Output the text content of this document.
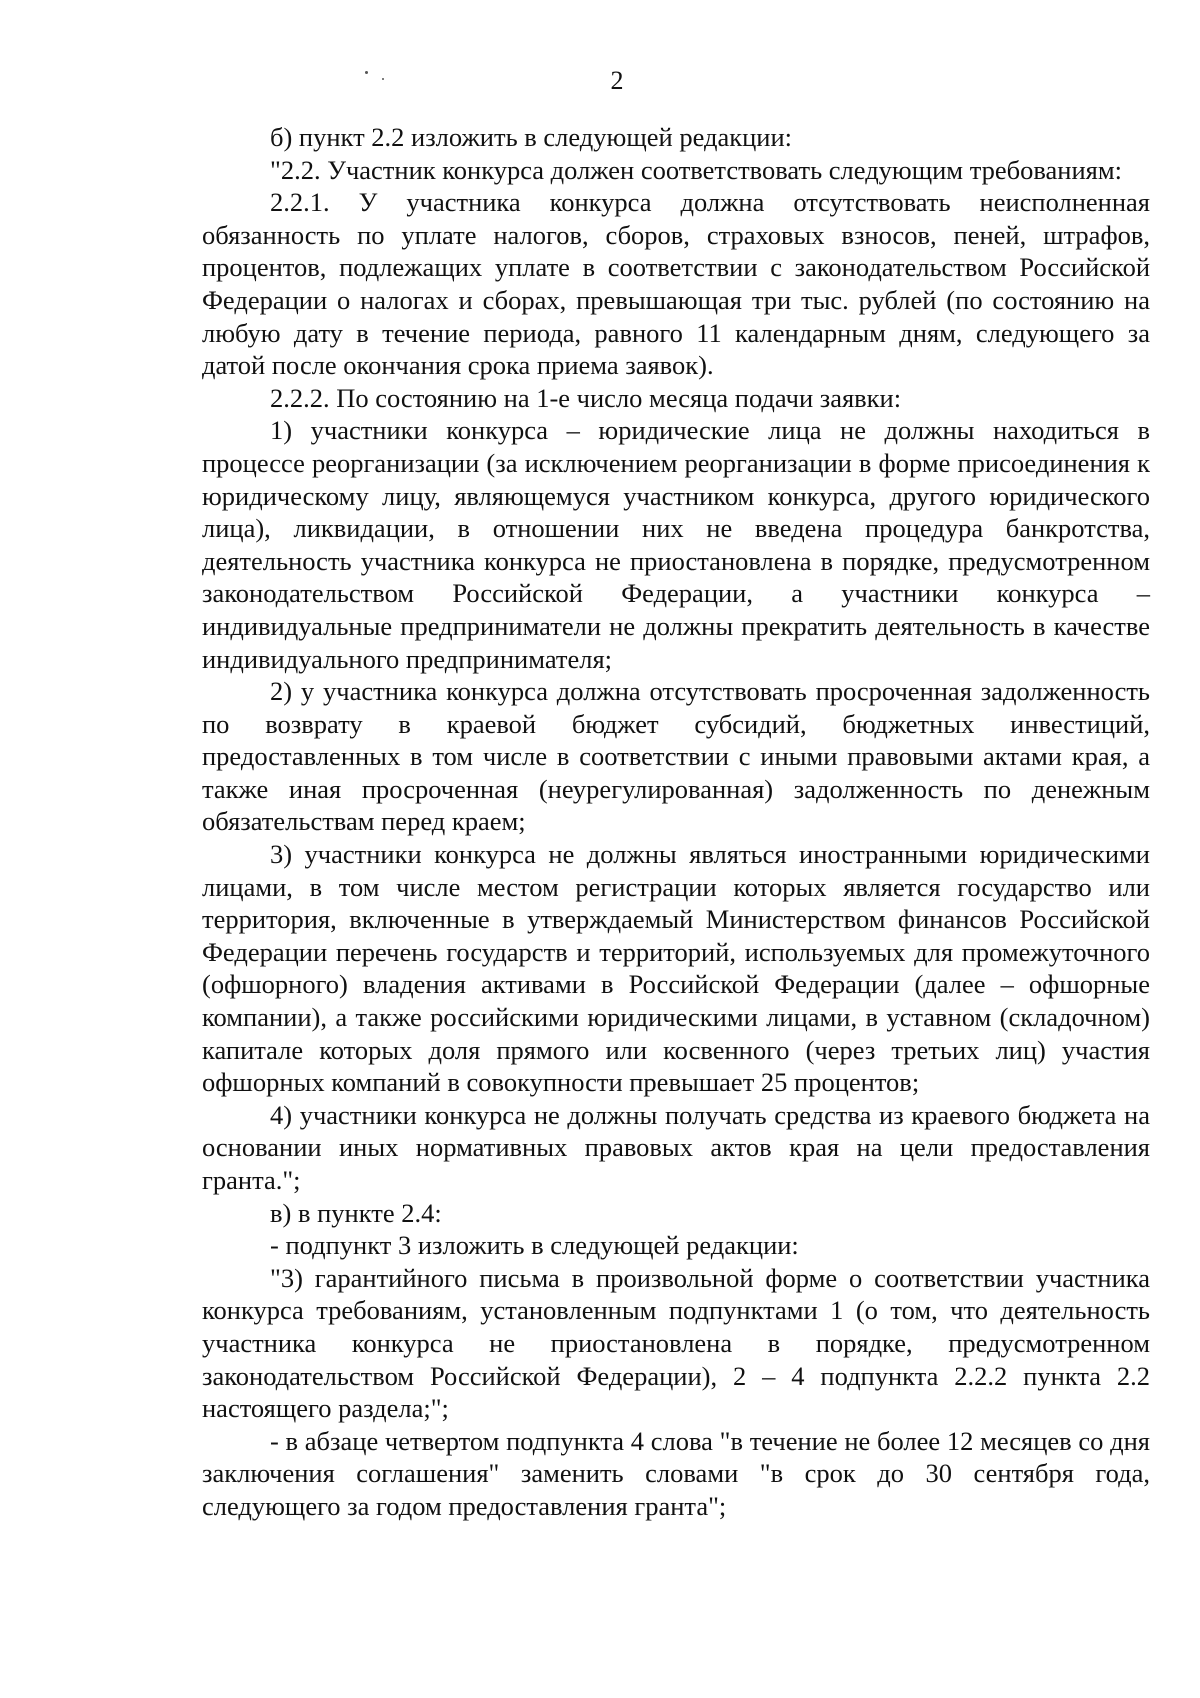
2

б) пункт 2.2 изложить в следующей редакции:

"2.2. Участник конкурса должен соответствовать следующим требованиям:

2.2.1. У участника конкурса должна отсутствовать неисполненная обязанность по уплате налогов, сборов, страховых взносов, пеней, штрафов, процентов, подлежащих уплате в соответствии с законодательством Российской Федерации о налогах и сборах, превышающая три тыс. рублей (по состоянию на любую дату в течение периода, равного 11 календарным дням, следующего за датой после окончания срока приема заявок).

2.2.2. По состоянию на 1-е число месяца подачи заявки:

1) участники конкурса – юридические лица не должны находиться в процессе реорганизации (за исключением реорганизации в форме присоединения к юридическому лицу, являющемуся участником конкурса, другого юридического лица), ликвидации, в отношении них не введена процедура банкротства, деятельность участника конкурса не приостановлена в порядке, предусмотренном законодательством Российской Федерации, а участники конкурса – индивидуальные предприниматели не должны прекратить деятельность в качестве индивидуального предпринимателя;

2) у участника конкурса должна отсутствовать просроченная задолженность по возврату в краевой бюджет субсидий, бюджетных инвестиций, предоставленных в том числе в соответствии с иными правовыми актами края, а также иная просроченная (неурегулированная) задолженность по денежным обязательствам перед краем;

3) участники конкурса не должны являться иностранными юридическими лицами, в том числе местом регистрации которых является государство или территория, включенные в утверждаемый Министерством финансов Российской Федерации перечень государств и территорий, используемых для промежуточного (офшорного) владения активами в Российской Федерации (далее – офшорные компании), а также российскими юридическими лицами, в уставном (складочном) капитале которых доля прямого или косвенного (через третьих лиц) участия офшорных компаний в совокупности превышает 25 процентов;

4) участники конкурса не должны получать средства из краевого бюджета на основании иных нормативных правовых актов края на цели предоставления гранта.";

в) в пункте 2.4:

- подпункт 3 изложить в следующей редакции:

"3) гарантийного письма в произвольной форме о соответствии участника конкурса требованиям, установленным подпунктами 1 (о том, что деятельность участника конкурса не приостановлена в порядке, предусмотренном законодательством Российской Федерации), 2 – 4 подпункта 2.2.2 пункта 2.2 настоящего раздела;";

- в абзаце четвертом подпункта 4 слова "в течение не более 12 месяцев со дня заключения соглашения" заменить словами "в срок до 30 сентября года, следующего за годом предоставления гранта";
